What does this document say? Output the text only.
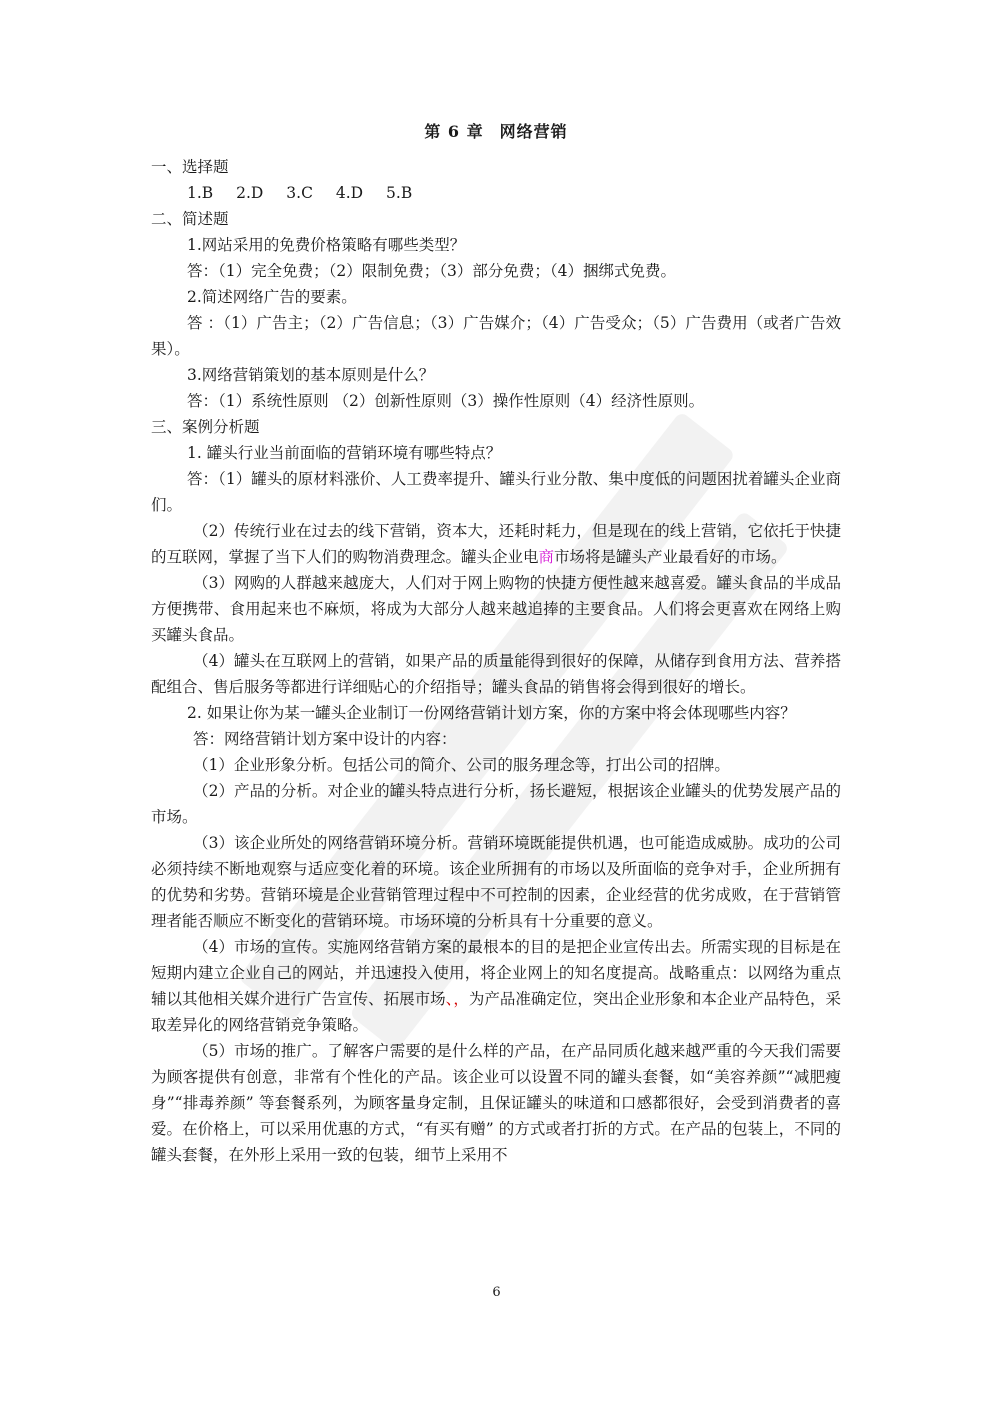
第 6 章 网络营销

一、选择题

1.B 2.D 3.C 4.D 5.B

二、简述题

1.网站采用的免费价格策略有哪些类型？

答：（1）完全免费；（2）限制免费；（3）部分免费；（4）捆绑式免费。

2.简述网络广告的要素。

答 ：（1）广告主；（2）广告信息；（3）广告媒介；（4）广告受众；（5）广告费用（或者广告效果）。

3.网络营销策划的基本原则是什么？

答：（1）系统性原则 （2）创新性原则（3）操作性原则（4）经济性原则。

三、案例分析题

1. 罐头行业当前面临的营销环境有哪些特点？

答：（1）罐头的原材料涨价、人工费率提升、罐头行业分散、集中度低的问题困扰着罐头企业商们。

（2）传统行业在过去的线下营销，资本大，还耗时耗力，但是现在的线上营销，它依托于快捷的互联网，掌握了当下人们的购物消费理念。罐头企业电商市场将是罐头产业最看好的市场。

（3）网购的人群越来越庞大，人们对于网上购物的快捷方便性越来越喜爱。罐头食品的半成品方便携带、食用起来也不麻烦，将成为大部分人越来越追捧的主要食品。人们将会更喜欢在网络上购买罐头食品。

（4）罐头在互联网上的营销，如果产品的质量能得到很好的保障，从储存到食用方法、营养搭配组合、售后服务等都进行详细贴心的介绍指导；罐头食品的销售将会得到很好的增长。

2. 如果让你为某一罐头企业制订一份网络营销计划方案，你的方案中将会体现哪些内容？

答：网络营销计划方案中设计的内容：

（1）企业形象分析。包括公司的简介、公司的服务理念等，打出公司的招牌。

（2）产品的分析。对企业的罐头特点进行分析，扬长避短，根据该企业罐头的优势发展产品的市场。

（3）该企业所处的网络营销环境分析。营销环境既能提供机遇，也可能造成威胁。成功的公司必须持续不断地观察与适应变化着的环境。该企业所拥有的市场以及所面临的竞争对手，企业所拥有的优势和劣势。营销环境是企业营销管理过程中不可控制的因素，企业经营的优劣成败，在于营销管理者能否顺应不断变化的营销环境。市场环境的分析具有十分重要的意义。

（4）市场的宣传。实施网络营销方案的最根本的目的是把企业宣传出去。所需实现的目标是在短期内建立企业自己的网站，并迅速投入使用，将企业网上的知名度提高。战略重点：以网络为重点辅以其他相关媒介进行广告宣传、拓展市场、，为产品准确定位，突出企业形象和本企业产品特色，采取差异化的网络营销竞争策略。

（5）市场的推广。了解客户需要的是什么样的产品，在产品同质化越来越严重的今天我们需要为顾客提供有创意，非常有个性化的产品。该企业可以设置不同的罐头套餐，如“美容养颜”“减肥瘦身”“排毒养颜” 等套餐系列，为顾客量身定制，且保证罐头的味道和口感都很好，会受到消费者的喜爱。在价格上，可以采用优惠的方式，“有买有赠” 的方式或者打折的方式。在产品的包装上，不同的罐头套餐，在外形上采用一致的包装，细节上采用不

6
